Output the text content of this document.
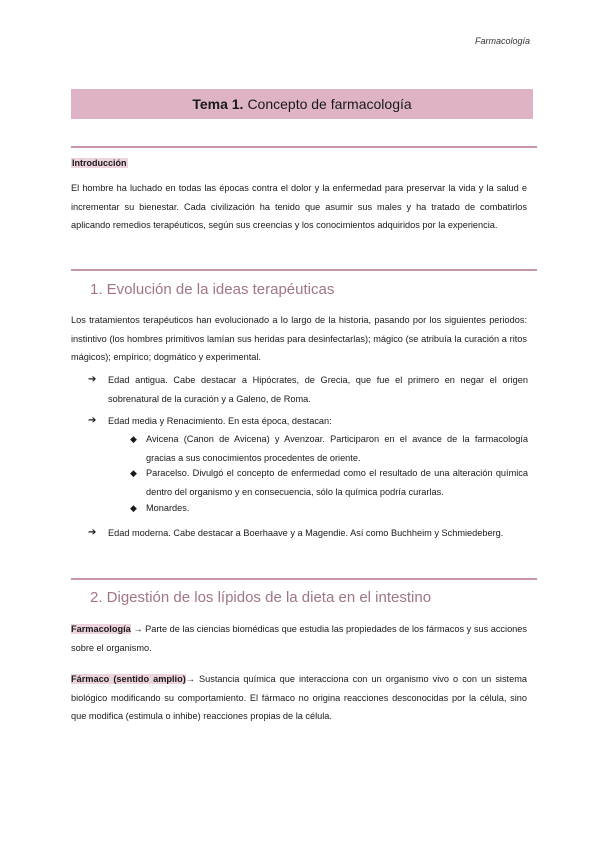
Farmacología
Tema 1. Concepto de farmacología
Introducción

El hombre ha luchado en todas las épocas contra el dolor y la enfermedad para preservar la vida y la salud e incrementar su bienestar. Cada civilización ha tenido que asumir sus males y ha tratado de combatirlos aplicando remedios terapéuticos, según sus creencias y los conocimientos adquiridos por la experiencia.

1. Evolución de la ideas terapéuticas

Los tratamientos terapéuticos han evolucionado a lo largo de la historia, pasando por los siguientes periodos: instintivo (los hombres primitivos lamían sus heridas para desinfectarlas); mágico (se atribuía la curación a ritos mágicos); empírico; dogmático y experimental.

➔ Edad antigua. Cabe destacar a Hipócrates, de Grecia, que fue el primero en negar el origen sobrenatural de la curación y a Galeno, de Roma.
➔ Edad media y Renacimiento. En esta época, destacan:
◆ Avicena (Canon de Avicena) y Avenzoar. Participaron en el avance de la farmacología gracias a sus conocimientos procedentes de oriente.
◆ Paracelso. Divulgó el concepto de enfermedad como el resultado de una alteración química dentro del organismo y en consecuencia, sólo la química podría curarlas.
◆ Monardes.
➔ Edad moderna. Cabe destacar a Boerhaave y a Magendie. Así como Buchheim y Schmiedeberg.
2. Digestión de los lípidos de la dieta en el intestino

Farmacología → Parte de las ciencias biomédicas que estudia las propiedades de los fármacos y sus acciones sobre el organismo.

Fármaco (sentido amplio)→ Sustancia química que interacciona con un organismo vivo o con un sistema biológico modificando su comportamiento. El fármaco no origina reacciones desconocidas por la célula, sino que modifica (estimula o inhibe) reacciones propias de la célula.
